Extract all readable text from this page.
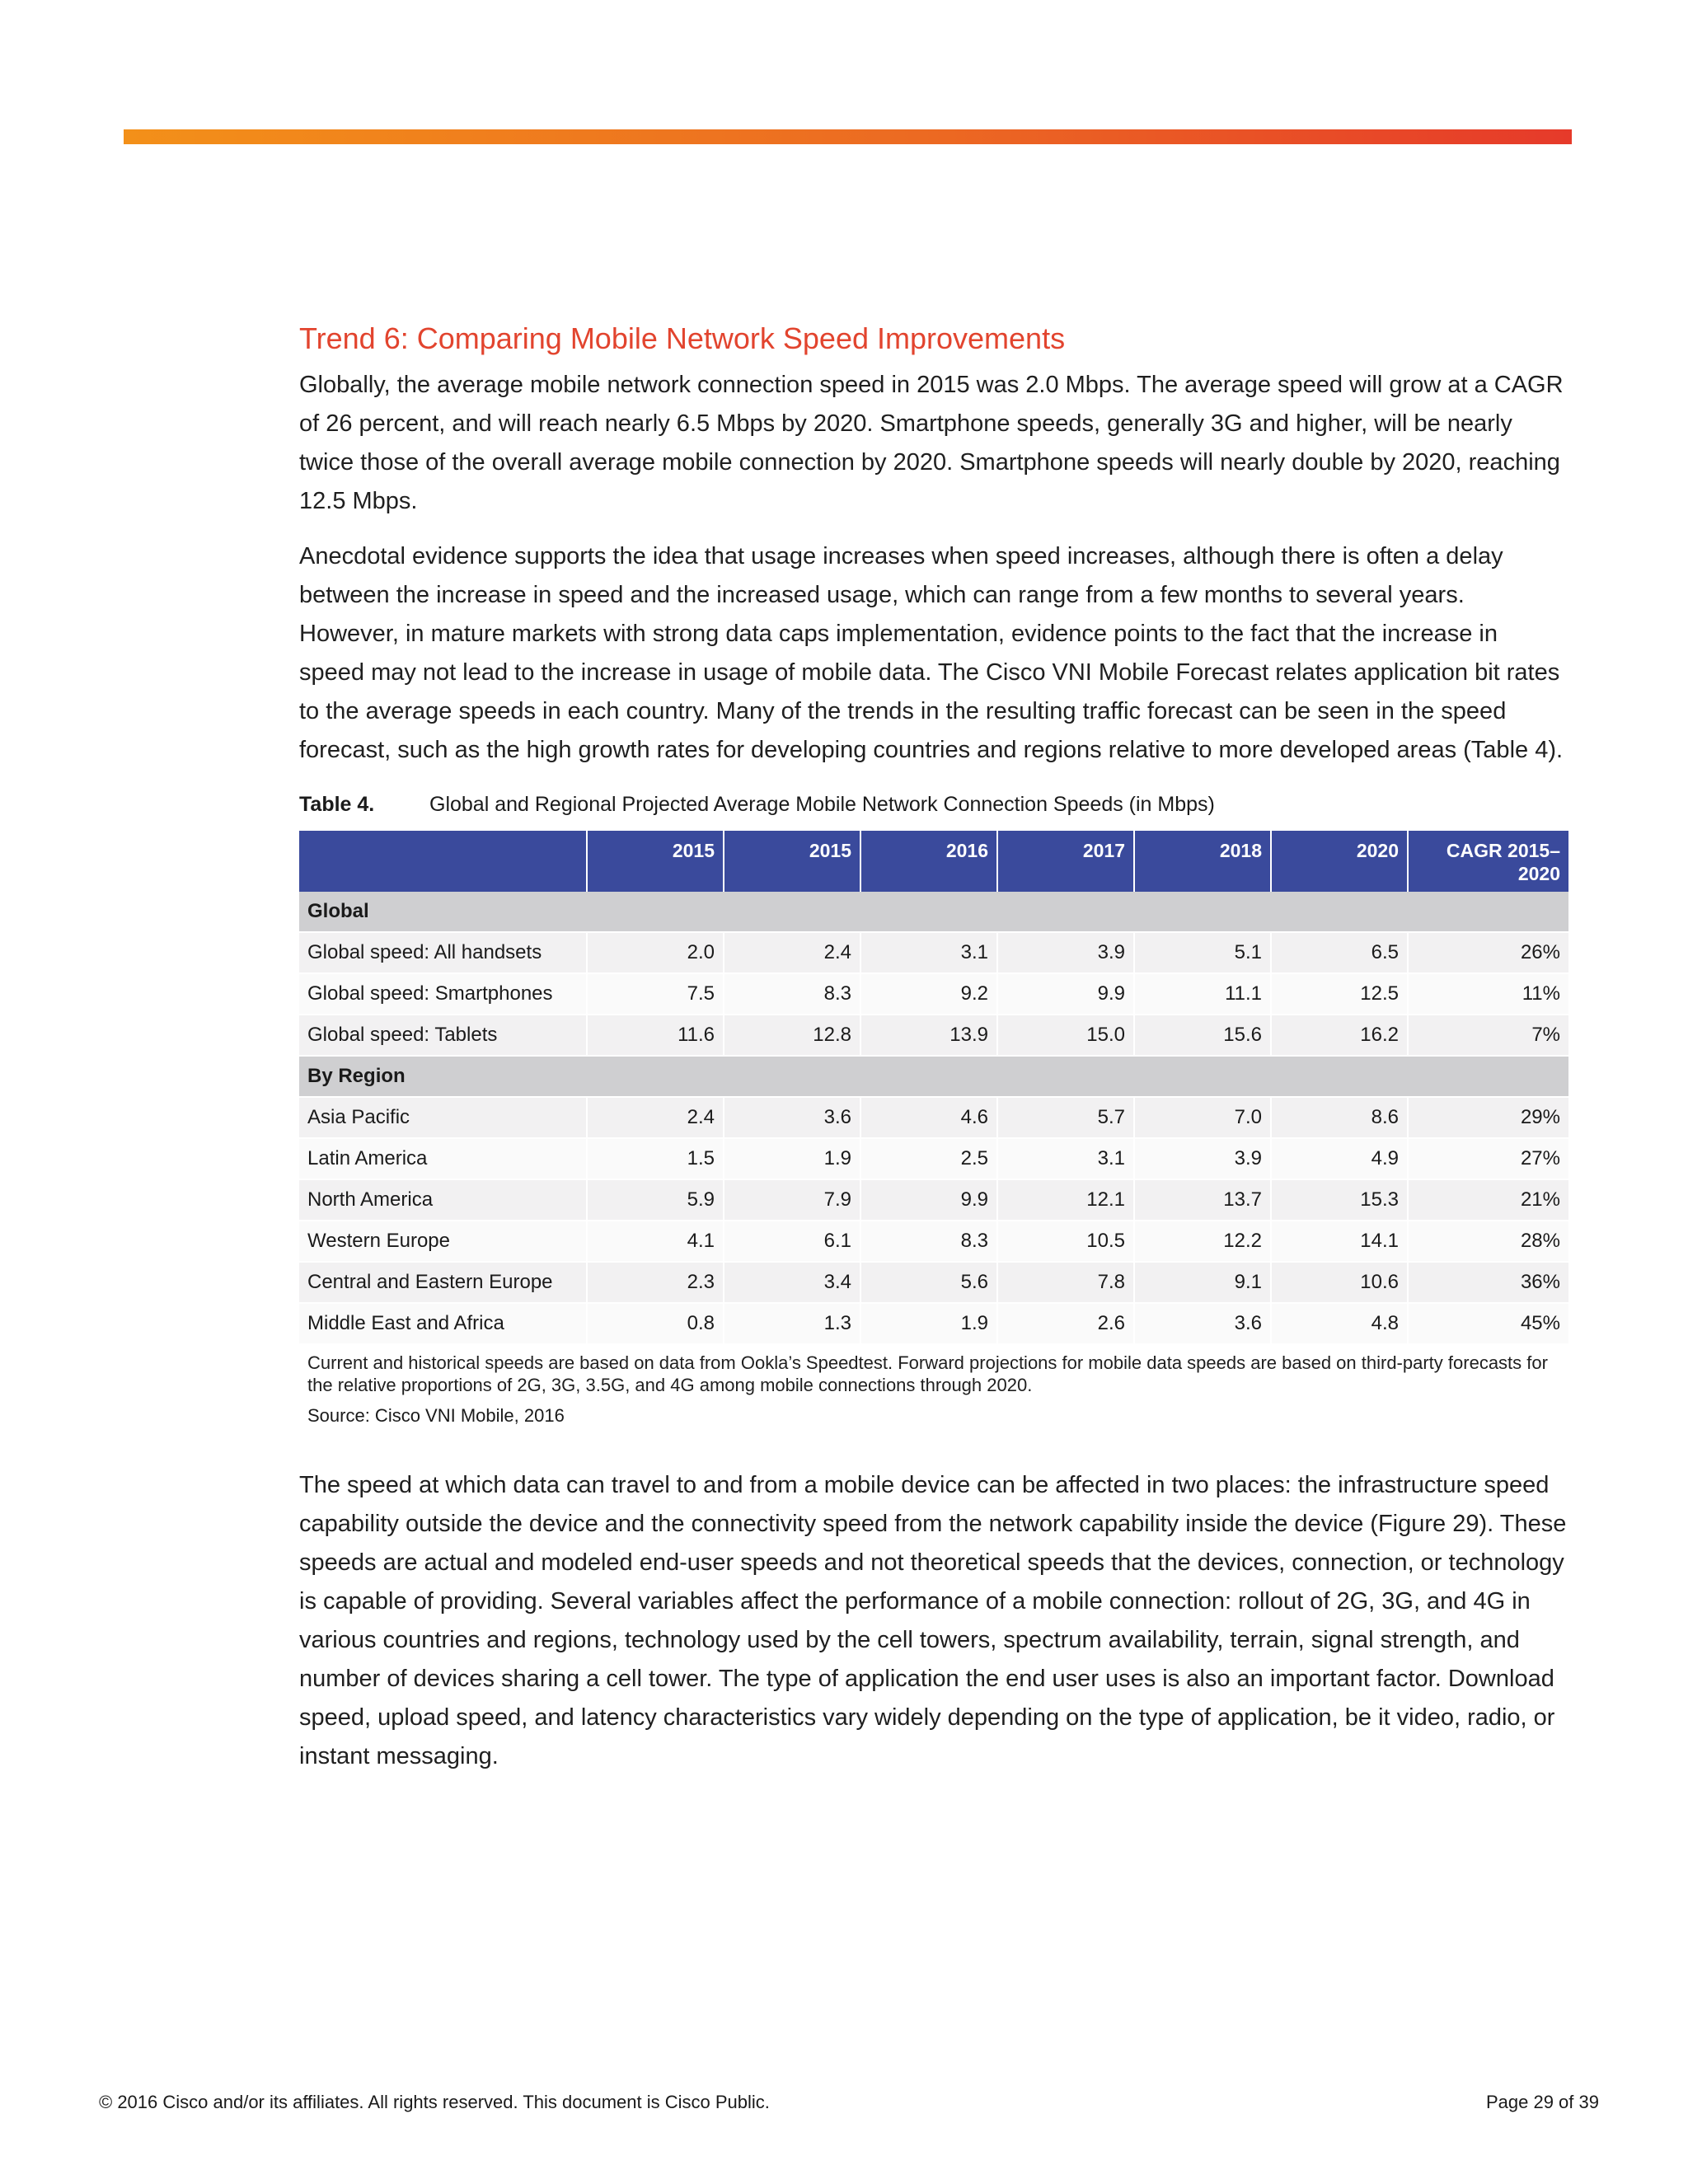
Trend 6: Comparing Mobile Network Speed Improvements

Globally, the average mobile network connection speed in 2015 was 2.0 Mbps. The average speed will grow at a CAGR of 26 percent, and will reach nearly 6.5 Mbps by 2020. Smartphone speeds, generally 3G and higher, will be nearly twice those of the overall average mobile connection by 2020. Smartphone speeds will nearly double by 2020, reaching 12.5 Mbps.

Anecdotal evidence supports the idea that usage increases when speed increases, although there is often a delay between the increase in speed and the increased usage, which can range from a few months to several years. However, in mature markets with strong data caps implementation, evidence points to the fact that the increase in speed may not lead to the increase in usage of mobile data. The Cisco VNI Mobile Forecast relates application bit rates to the average speeds in each country. Many of the trends in the resulting traffic forecast can be seen in the speed forecast, such as the high growth rates for developing countries and regions relative to more developed areas (Table 4).

Table 4.	Global and Regional Projected Average Mobile Network Connection Speeds (in Mbps)
	2015	2015	2016	2017	2018	2020	CAGR 2015–2020
Global							
Global speed: All handsets	2.0	2.4	3.1	3.9	5.1	6.5	26%
Global speed: Smartphones	7.5	8.3	9.2	9.9	11.1	12.5	11%
Global speed: Tablets	11.6	12.8	13.9	15.0	15.6	16.2	7%
By Region							
Asia Pacific	2.4	3.6	4.6	5.7	7.0	8.6	29%
Latin America	1.5	1.9	2.5	3.1	3.9	4.9	27%
North America	5.9	7.9	9.9	12.1	13.7	15.3	21%
Western Europe	4.1	6.1	8.3	10.5	12.2	14.1	28%
Central and Eastern Europe	2.3	3.4	5.6	7.8	9.1	10.6	36%
Middle East and Africa	0.8	1.3	1.9	2.6	3.6	4.8	45%
Current and historical speeds are based on data from Ookla’s Speedtest. Forward projections for mobile data speeds are based on third-party forecasts for the relative proportions of 2G, 3G, 3.5G, and 4G among mobile connections through 2020.
Source: Cisco VNI Mobile, 2016

The speed at which data can travel to and from a mobile device can be affected in two places: the infrastructure speed capability outside the device and the connectivity speed from the network capability inside the device (Figure 29). These speeds are actual and modeled end-user speeds and not theoretical speeds that the devices, connection, or technology is capable of providing. Several variables affect the performance of a mobile connection: rollout of 2G, 3G, and 4G in various countries and regions, technology used by the cell towers, spectrum availability, terrain, signal strength, and number of devices sharing a cell tower. The type of application the end user uses is also an important factor. Download speed, upload speed, and latency characteristics vary widely depending on the type of application, be it video, radio, or instant messaging.

© 2016 Cisco and/or its affiliates. All rights reserved. This document is Cisco Public.	Page 29 of 39
